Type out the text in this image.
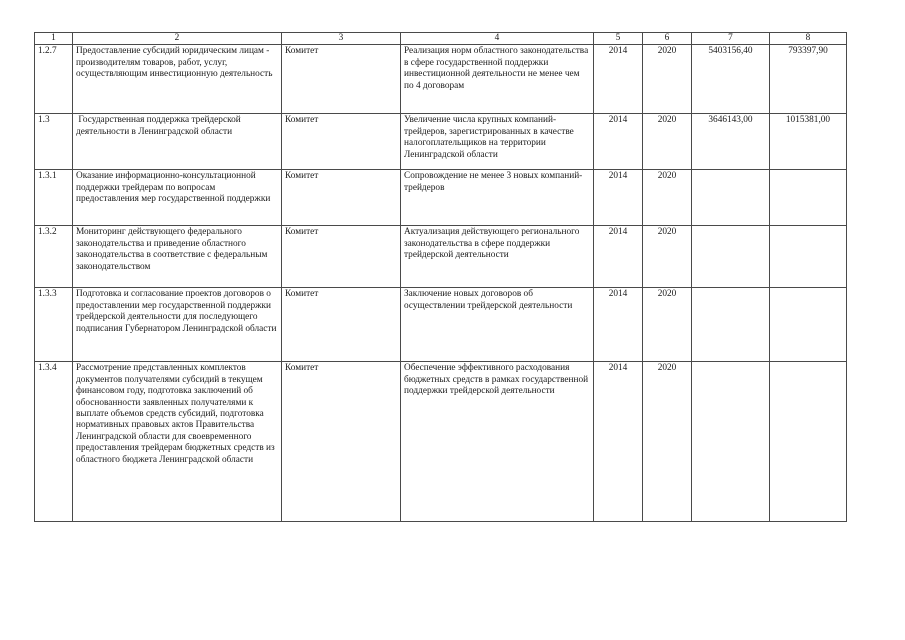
1	2	3	4	5	6	7	8
1.2.7	Предоставление субсидий юридическим лицам - производителям товаров, работ, услуг, осуществляющим инвестиционную деятельность	Комитет	Реализация норм областного законодательства в сфере государственной поддержки инвестиционной деятельности не менее чем по 4 договорам	2014	2020	5403156,40	793397,90
1.3	Государственная поддержка трейдерской деятельности в Ленинградской области	Комитет	Увеличение числа крупных компаний-трейдеров, зарегистрированных в качестве налогоплательщиков на территории Ленинградской области	2014	2020	3646143,00	1015381,00
1.3.1	Оказание информационно-консультационной поддержки трейдерам по вопросам предоставления мер государственной поддержки	Комитет	Сопровождение не менее 3 новых компаний-трейдеров	2014	2020		
1.3.2	Мониторинг действующего федерального законодательства и приведение областного законодательства в соответствие с федеральным законодательством	Комитет	Актуализация действующего регионального законодательства в сфере поддержки трейдерской деятельности	2014	2020		
1.3.3	Подготовка и согласование проектов договоров о предоставлении мер государственной поддержки трейдерской деятельности для последующего подписания Губернатором Ленинградской области	Комитет	Заключение новых договоров об осуществлении трейдерской деятельности	2014	2020		
1.3.4	Рассмотрение представленных комплектов документов получателями субсидий в текущем финансовом году, подготовка заключений об обоснованности заявленных получателями к выплате объемов средств субсидий, подготовка нормативных правовых актов Правительства Ленинградской области для своевременного предоставления трейдерам бюджетных средств из областного бюджета Ленинградской области	Комитет	Обеспечение эффективного расходования бюджетных средств в рамках государственной поддержки трейдерской деятельности	2014	2020		
